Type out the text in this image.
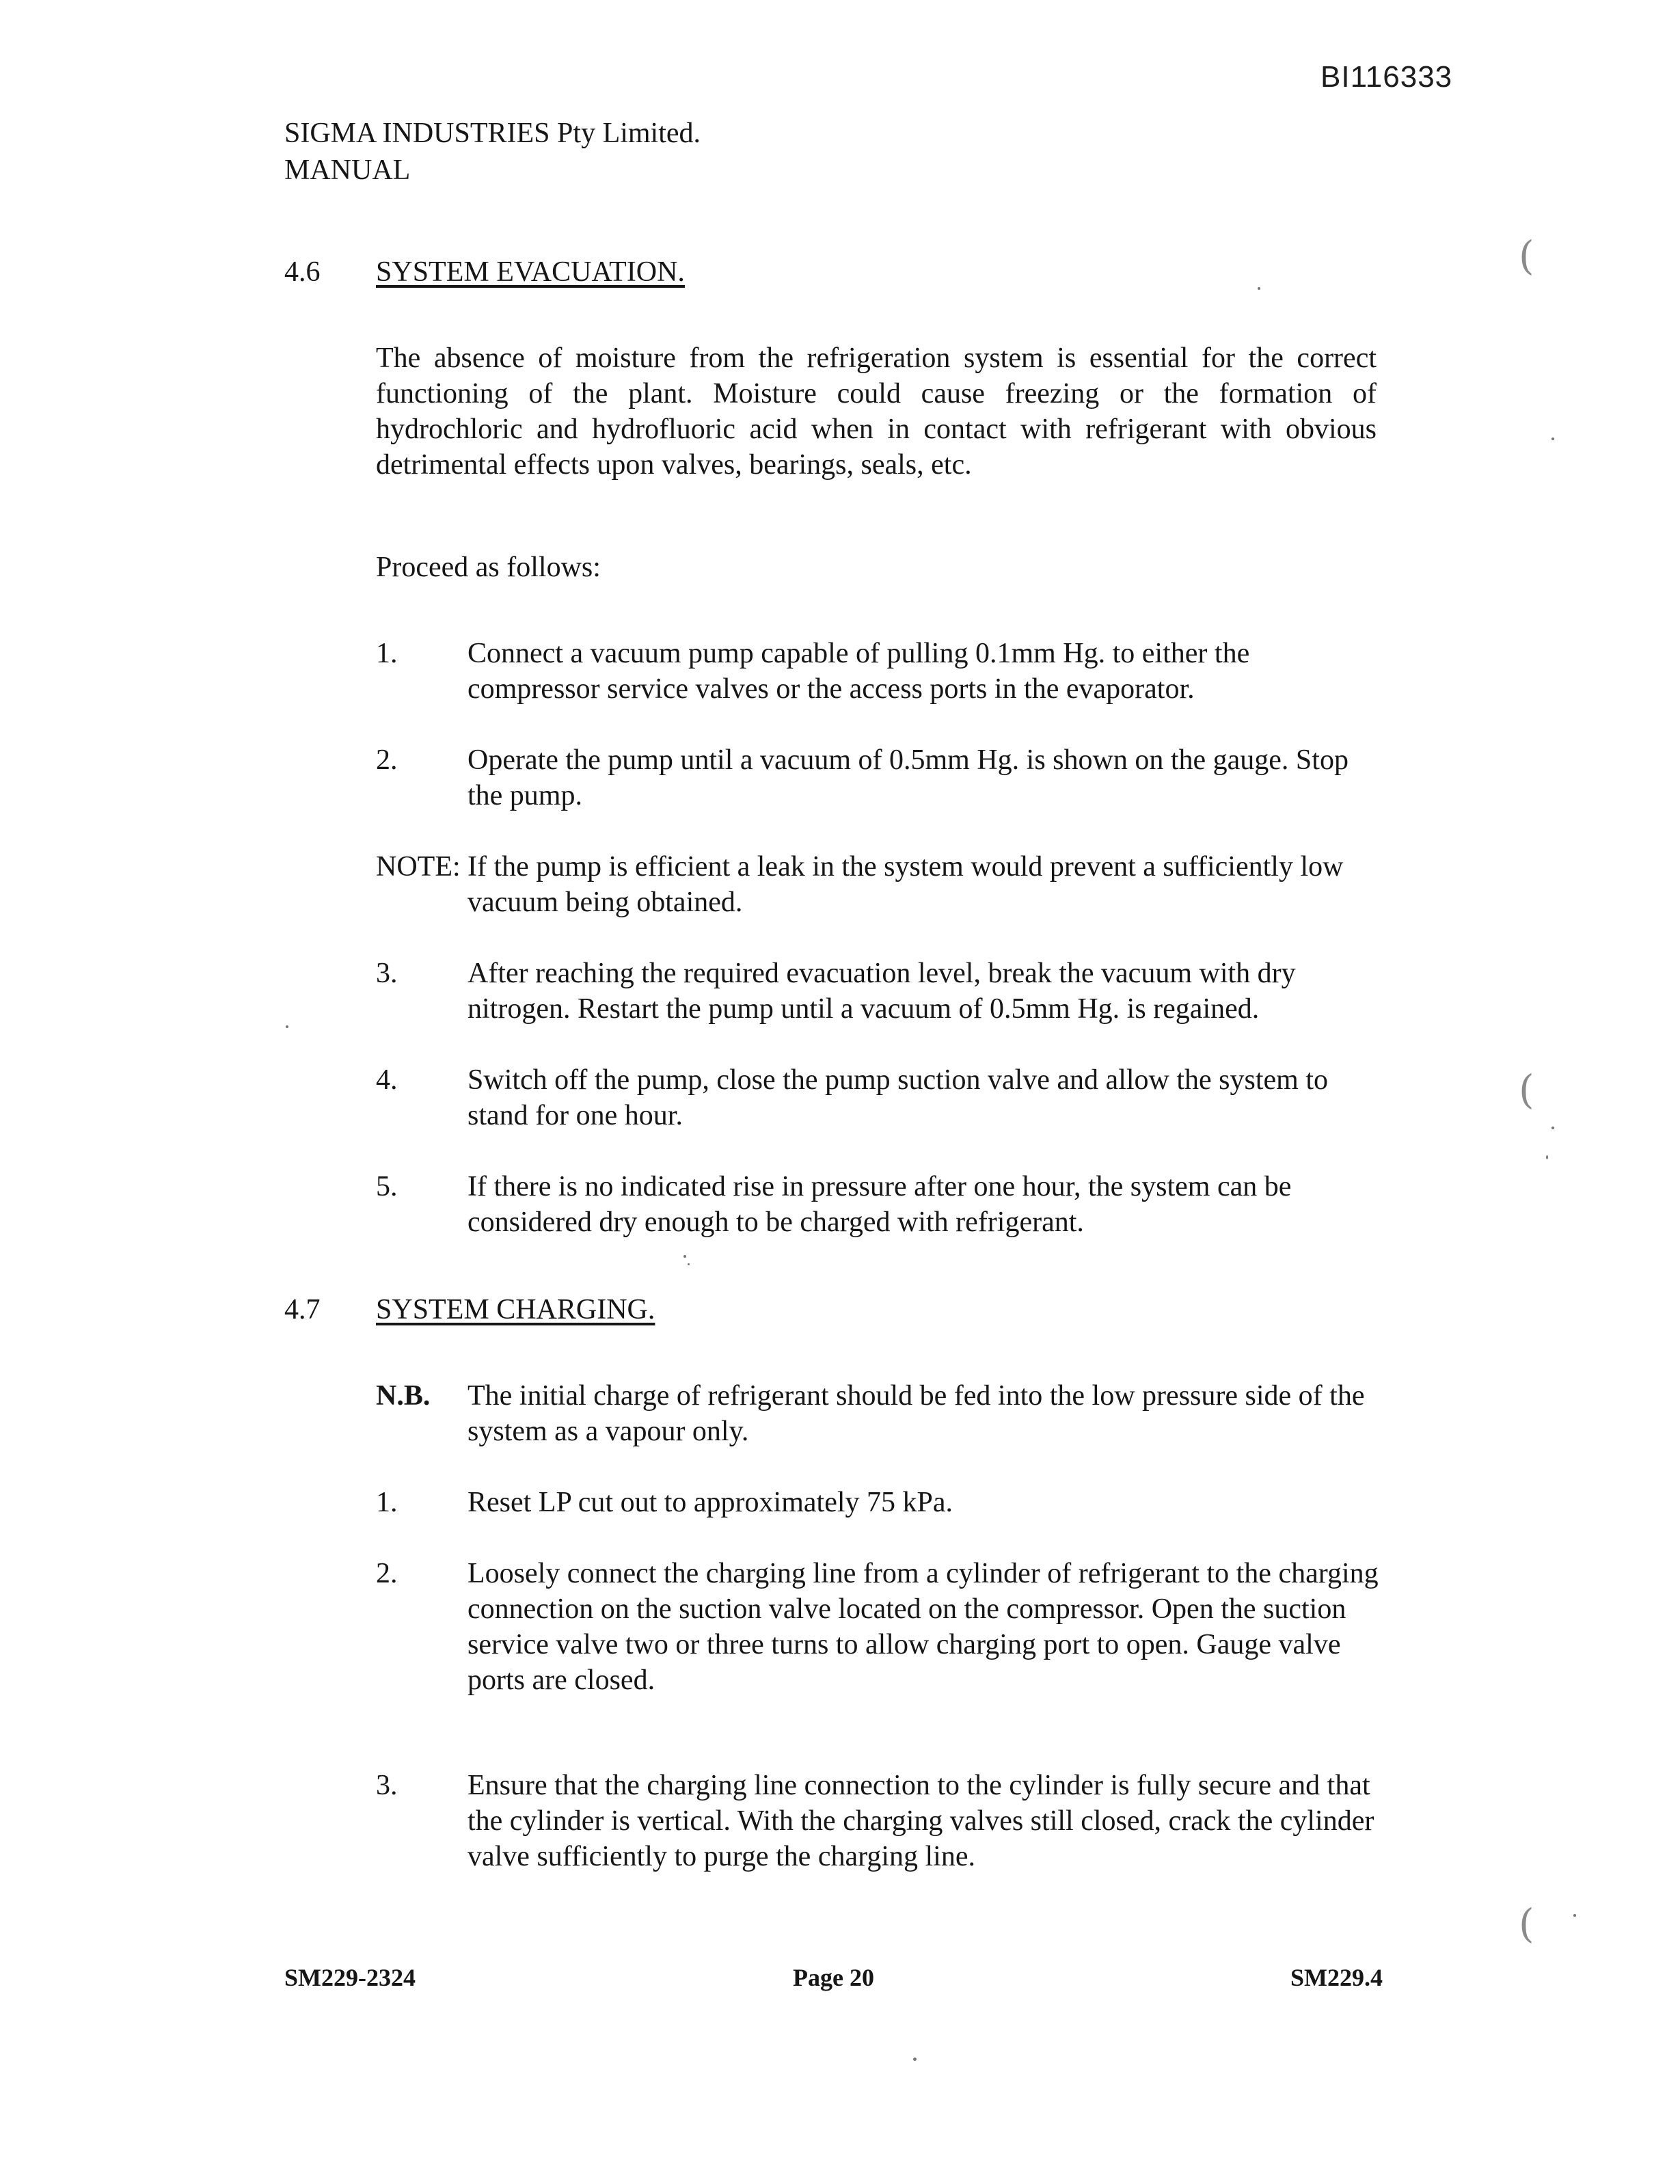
BI116333
SIGMA INDUSTRIES Pty Limited.
MANUAL
4.6 SYSTEM EVACUATION.
The absence of moisture from the refrigeration system is essential for the correct functioning of the plant. Moisture could cause freezing or the formation of hydrochloric and hydrofluoric acid when in contact with refrigerant with obvious detrimental effects upon valves, bearings, seals, etc.
Proceed as follows:
1. Connect a vacuum pump capable of pulling 0.1mm Hg. to either the compressor service valves or the access ports in the evaporator.
2. Operate the pump until a vacuum of 0.5mm Hg. is shown on the gauge. Stop the pump.
NOTE: If the pump is efficient a leak in the system would prevent a sufficiently low vacuum being obtained.
3. After reaching the required evacuation level, break the vacuum with dry nitrogen. Restart the pump until a vacuum of 0.5mm Hg. is regained.
4. Switch off the pump, close the pump suction valve and allow the system to stand for one hour.
5. If there is no indicated rise in pressure after one hour, the system can be considered dry enough to be charged with refrigerant.
4.7 SYSTEM CHARGING.
N.B. The initial charge of refrigerant should be fed into the low pressure side of the system as a vapour only.
1. Reset LP cut out to approximately 75 kPa.
2. Loosely connect the charging line from a cylinder of refrigerant to the charging connection on the suction valve located on the compressor. Open the suction service valve two or three turns to allow charging port to open. Gauge valve ports are closed.
3. Ensure that the charging line connection to the cylinder is fully secure and that the cylinder is vertical. With the charging valves still closed, crack the cylinder valve sufficiently to purge the charging line.
SM229-2324	Page 20	SM229.4
(
(
(
